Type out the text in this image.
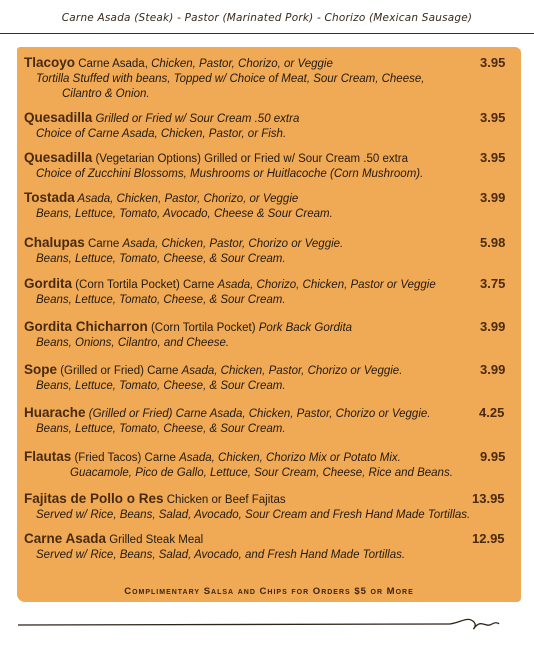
Carne Asada (Steak) - Pastor (Marinated Pork) - Chorizo (Mexican Sausage)
Tlacoyo Carne Asada, Chicken, Pastor, Chorizo, or Veggie	3.95
Tortilla Stuffed with beans, Topped w/ Choice of Meat, Sour Cream, Cheese,
Cilantro & Onion.
Quesadilla Grilled or Fried w/ Sour Cream .50 extra	3.95
Choice of Carne Asada, Chicken, Pastor, or Fish.
Quesadilla (Vegetarian Options) Grilled or Fried w/ Sour Cream .50 extra	3.95
Choice of Zucchini Blossoms, Mushrooms or Huitlacoche (Corn Mushroom).
Tostada Asada, Chicken, Pastor, Chorizo, or Veggie	3.99
Beans, Lettuce, Tomato, Avocado, Cheese & Sour Cream.
Chalupas Carne Asada, Chicken, Pastor, Chorizo or Veggie.	5.98
Beans, Lettuce, Tomato, Cheese, & Sour Cream.
Gordita (Corn Tortila Pocket) Carne Asada, Chorizo, Chicken, Pastor or Veggie	3.75
Beans, Lettuce, Tomato, Cheese, & Sour Cream.
Gordita Chicharron (Corn Tortila Pocket) Pork Back Gordita	3.99
Beans, Onions, Cilantro, and Cheese.
Sope (Grilled or Fried) Carne Asada, Chicken, Pastor, Chorizo or Veggie.	3.99
Beans, Lettuce, Tomato, Cheese, & Sour Cream.
Huarache (Grilled or Fried) Carne Asada, Chicken, Pastor, Chorizo or Veggie.	4.25
Beans, Lettuce, Tomato, Cheese, & Sour Cream.
Flautas (Fried Tacos) Carne Asada, Chicken, Chorizo Mix or Potato Mix.	9.95
Guacamole, Pico de Gallo, Lettuce, Sour Cream, Cheese, Rice and Beans.
Fajitas de Pollo o Res Chicken or Beef Fajitas	13.95
Served w/ Rice, Beans, Salad, Avocado, Sour Cream and Fresh Hand Made Tortillas.
Carne Asada Grilled Steak Meal	12.95
Served w/ Rice, Beans, Salad, Avocado, and Fresh Hand Made Tortillas.
Complimentary Salsa and Chips for Orders $5 or More
